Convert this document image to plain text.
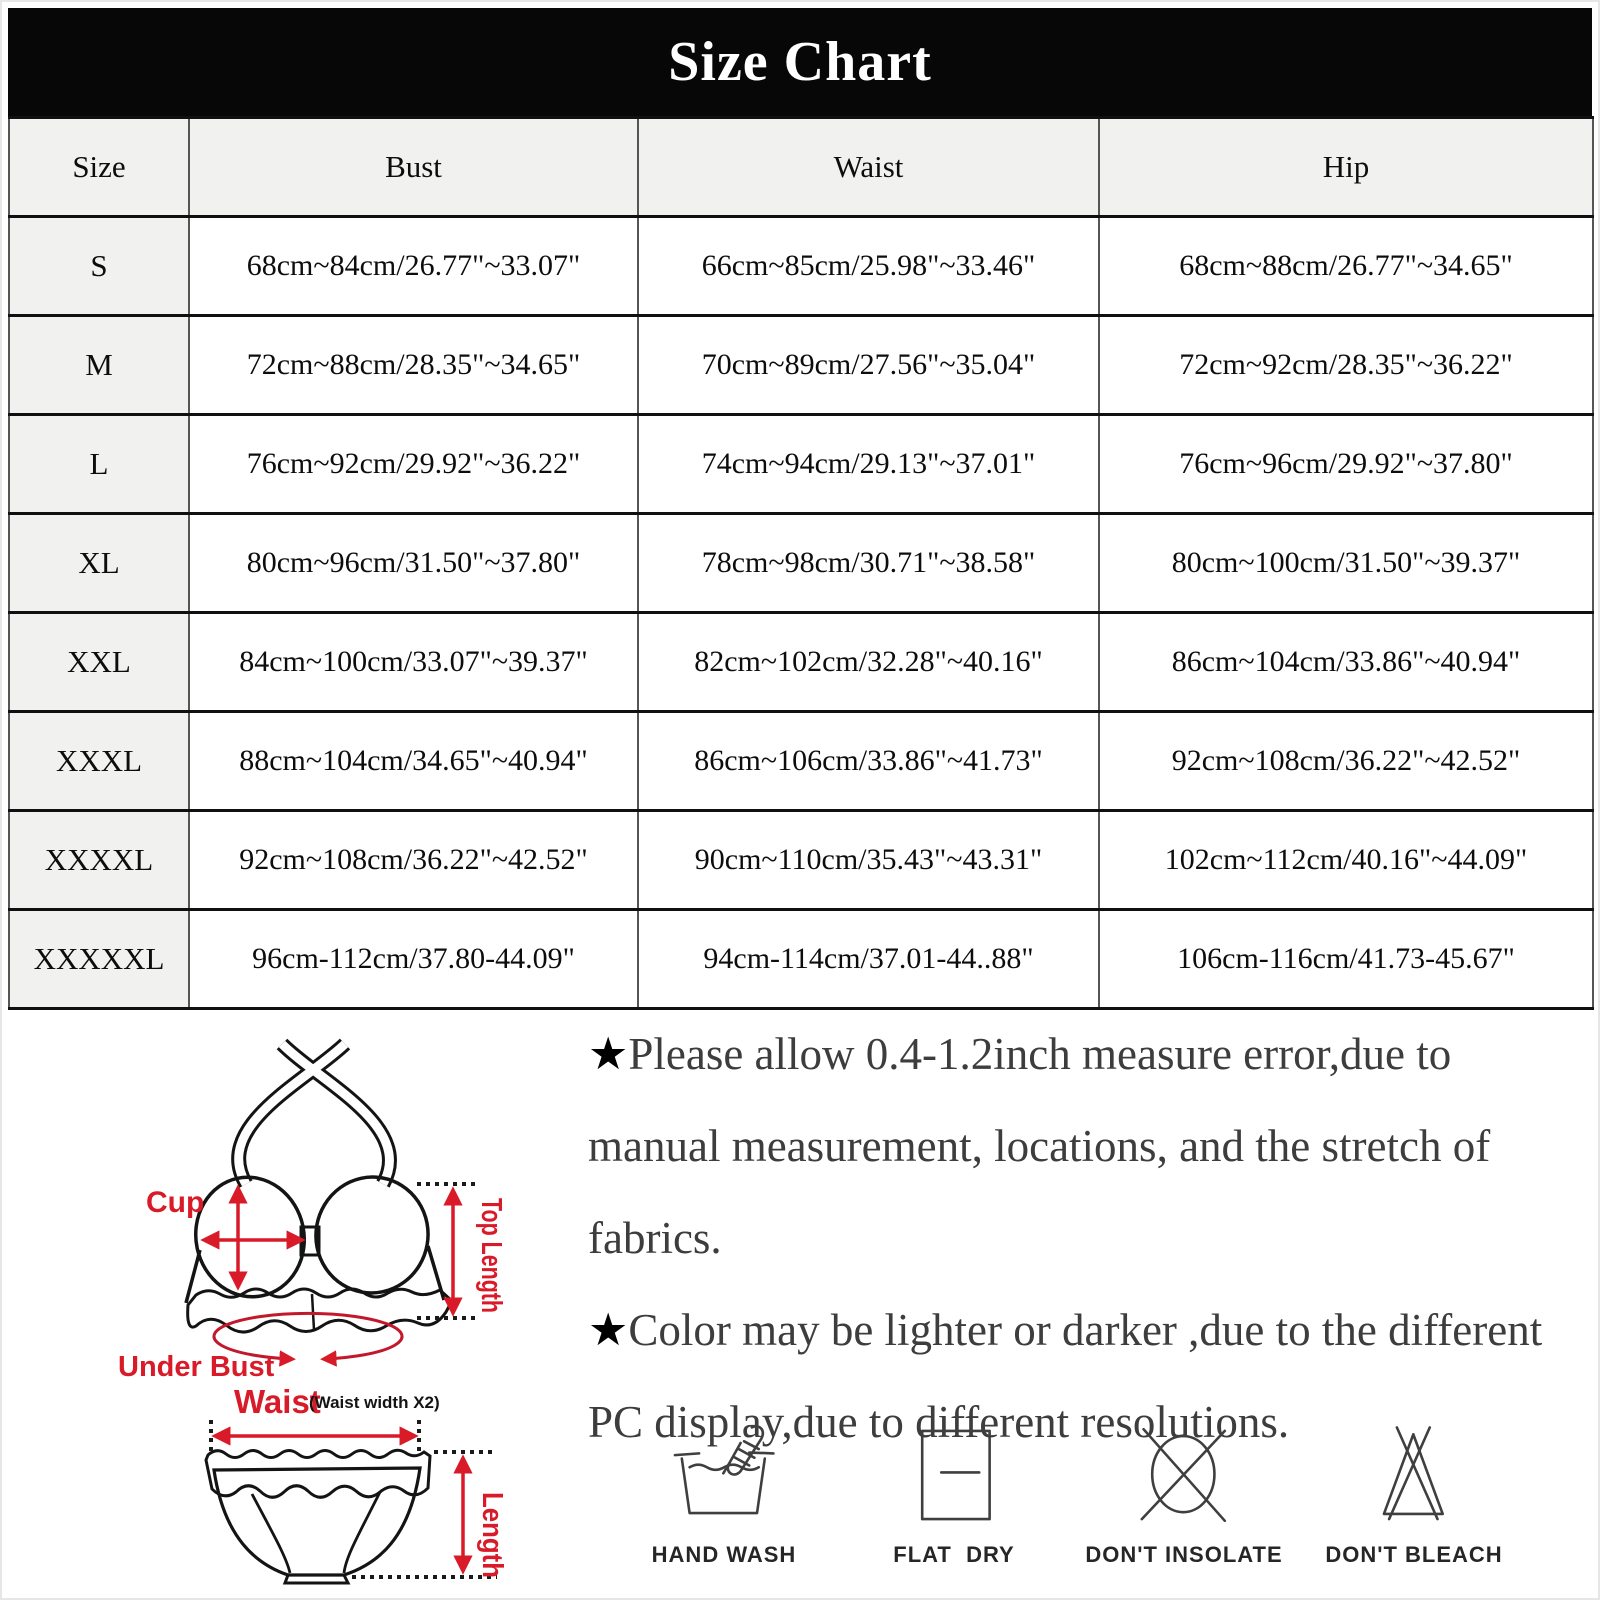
Size Chart
Size	Bust	Waist	Hip
S	68cm~84cm/26.77"~33.07"	66cm~85cm/25.98"~33.46"	68cm~88cm/26.77"~34.65"
M	72cm~88cm/28.35"~34.65"	70cm~89cm/27.56"~35.04"	72cm~92cm/28.35"~36.22"
L	76cm~92cm/29.92"~36.22"	74cm~94cm/29.13"~37.01"	76cm~96cm/29.92"~37.80"
XL	80cm~96cm/31.50"~37.80"	78cm~98cm/30.71"~38.58"	80cm~100cm/31.50"~39.37"
XXL	84cm~100cm/33.07"~39.37"	82cm~102cm/32.28"~40.16"	86cm~104cm/33.86"~40.94"
XXXL	88cm~104cm/34.65"~40.94"	86cm~106cm/33.86"~41.73"	92cm~108cm/36.22"~42.52"
XXXXL	92cm~108cm/36.22"~42.52"	90cm~110cm/35.43"~43.31"	102cm~112cm/40.16"~44.09"
XXXXXL	96cm-112cm/37.80-44.09"	94cm-114cm/37.01-44..88"	106cm-116cm/41.73-45.67"
Cup	Top Length
Under Bust
Waist
(Waist width X2)
Length

★Please allow 0.4-1.2inch measure error,due to manual measurement, locations, and the stretch of fabrics.

★Color may be lighter or darker ,due to the different PC display,due to different resolutions.

HAND WASH	FLAT  DRY	DON'T INSOLATE DON'T BLEACH
